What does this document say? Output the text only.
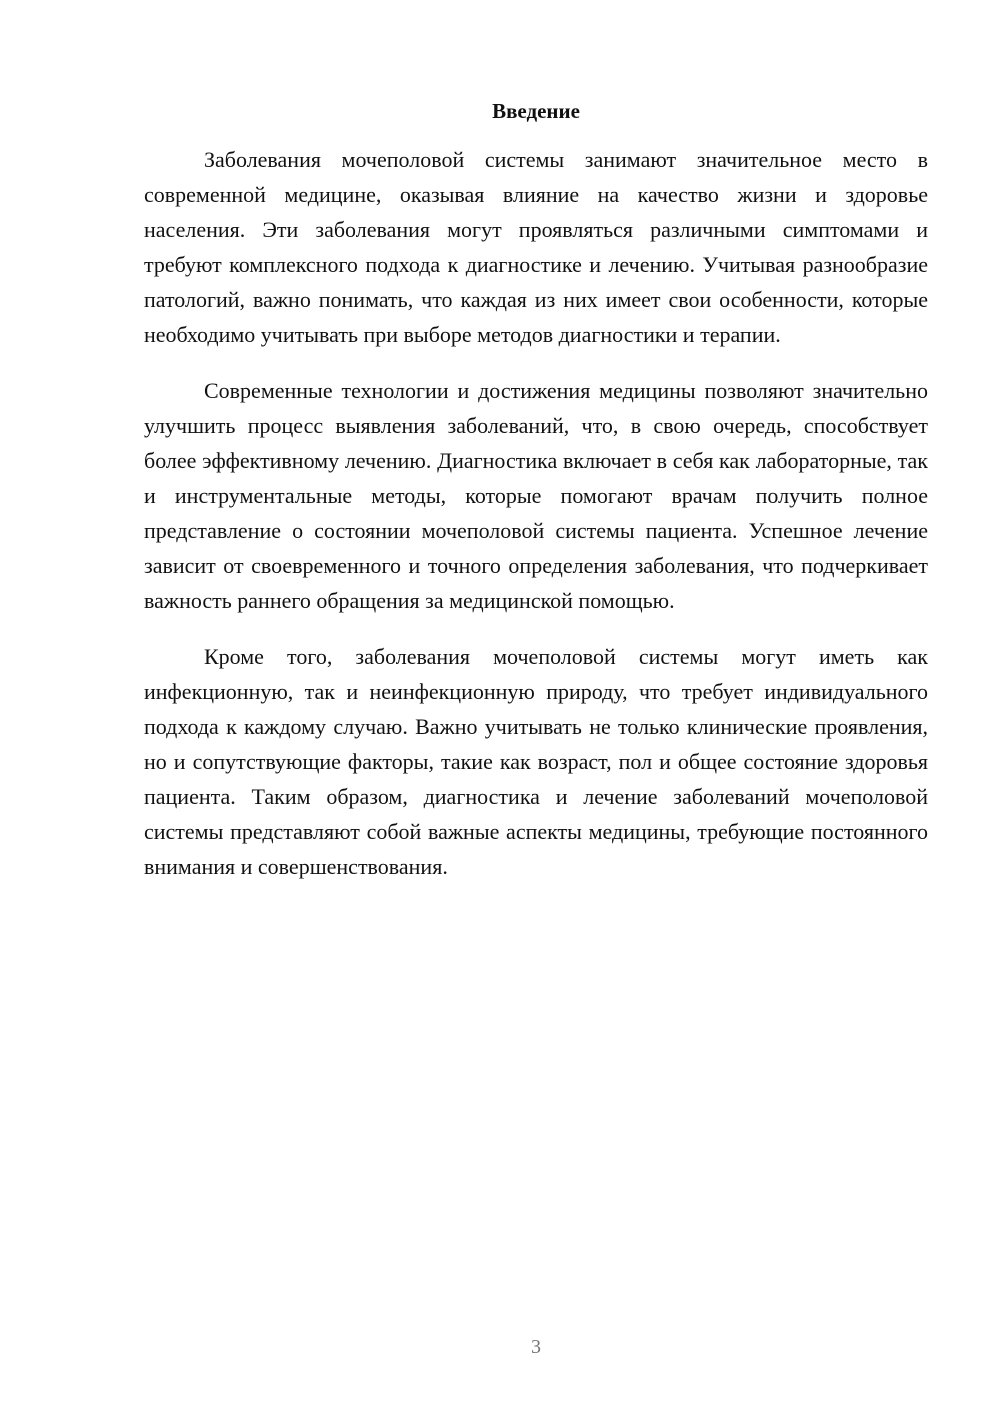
Введение

Заболевания мочеполовой системы занимают значительное место в современной медицине, оказывая влияние на качество жизни и здоровье населения. Эти заболевания могут проявляться различными симптомами и требуют комплексного подхода к диагностике и лечению. Учитывая разнообразие патологий, важно понимать, что каждая из них имеет свои особенности, которые необходимо учитывать при выборе методов диагностики и терапии.

Современные технологии и достижения медицины позволяют значительно улучшить процесс выявления заболеваний, что, в свою очередь, способствует более эффективному лечению. Диагностика включает в себя как лабораторные, так и инструментальные методы, которые помогают врачам получить полное представление о состоянии мочеполовой системы пациента. Успешное лечение зависит от своевременного и точного определения заболевания, что подчеркивает важность раннего обращения за медицинской помощью.

Кроме того, заболевания мочеполовой системы могут иметь как инфекционную, так и неинфекционную природу, что требует индивидуального подхода к каждому случаю. Важно учитывать не только клинические проявления, но и сопутствующие факторы, такие как возраст, пол и общее состояние здоровья пациента. Таким образом, диагностика и лечение заболеваний мочеполовой системы представляют собой важные аспекты медицины, требующие постоянного внимания и совершенствования.

3
